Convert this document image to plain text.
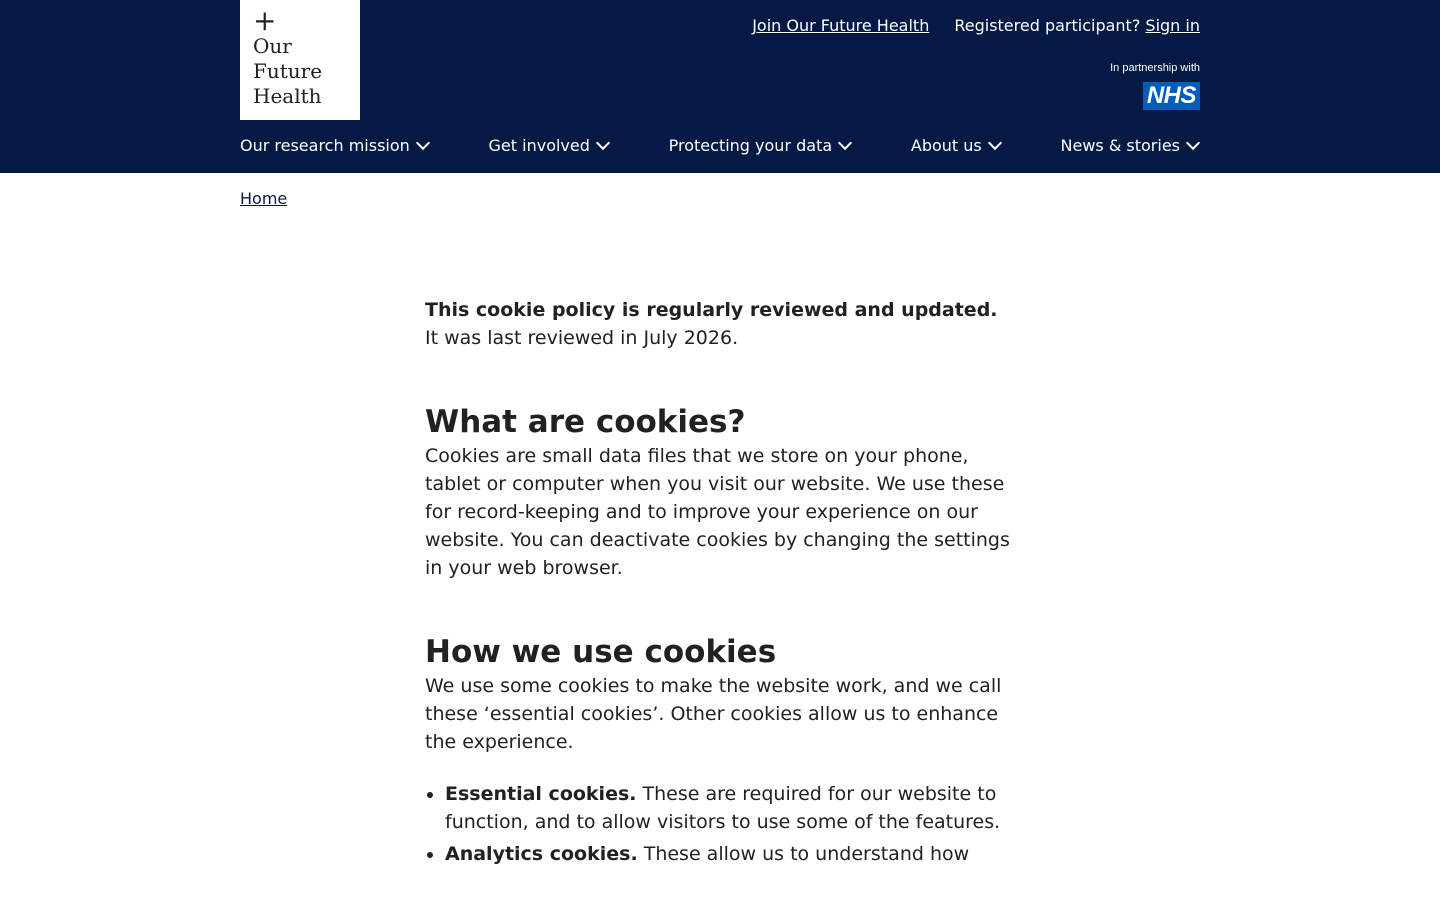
+
Our
Future
Health
Join Our Future Health Registered participant? Sign in
In partnership with
NHS
Our research mission	Get involved	Protecting your data	About us	News & stories
Home

This cookie policy is regularly reviewed and updated.
It was last reviewed in July 2026.

What are cookies?

Cookies are small data files that we store on your phone, tablet or computer when you visit our website. We use these for record-keeping and to improve your experience on our website. You can deactivate cookies by changing the settings in your web browser.

How we use cookies

We use some cookies to make the website work, and we call these ‘essential cookies’. Other cookies allow us to enhance the experience.

• Essential cookies. These are required for our website to function, and to allow visitors to use some of the features.
• Analytics cookies. These allow us to understand how
